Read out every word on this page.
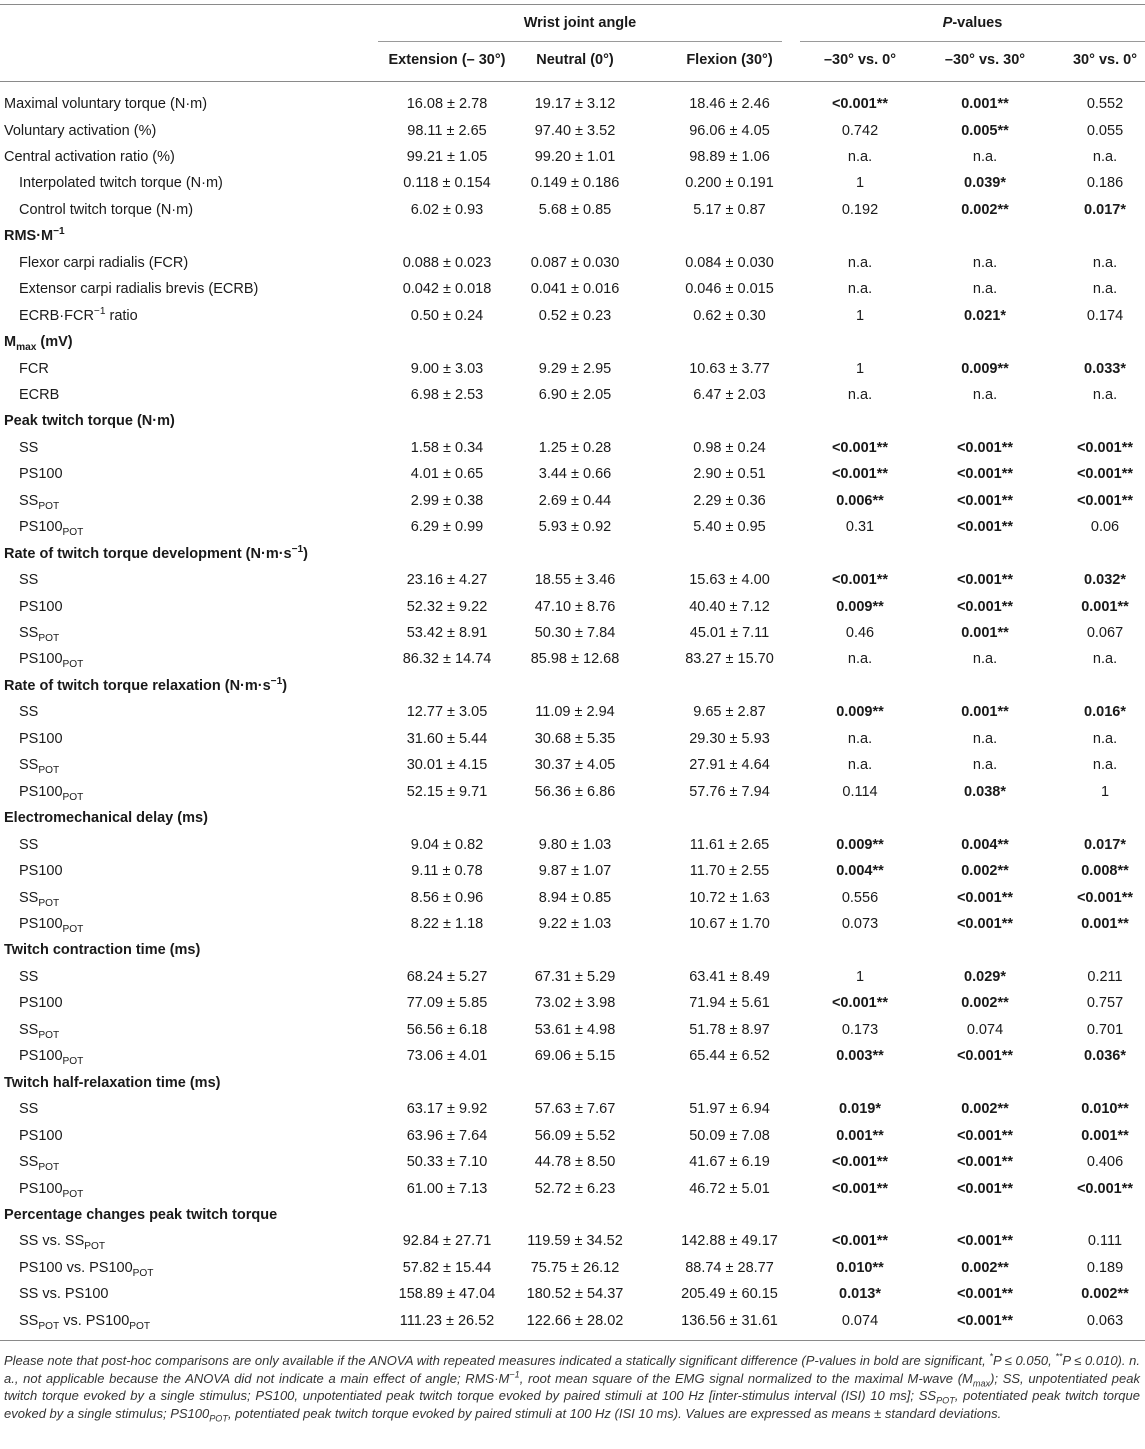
Wrist joint angle	P-values
Extension (– 30°)	Neutral (0°)	Flexion (30°)	–30° vs. 0°	–30° vs. 30°	30° vs. 0°
Maximal voluntary torque (N·m)	16.08 ± 2.78	19.17 ± 3.12	18.46 ± 2.46	<0.001**	0.001**	0.552
Voluntary activation (%)	98.11 ± 2.65	97.40 ± 3.52	96.06 ± 4.05	0.742	0.005**	0.055
Central activation ratio (%)	99.21 ± 1.05	99.20 ± 1.01	98.89 ± 1.06	n.a.	n.a.	n.a.
Interpolated twitch torque (N·m)	0.118 ± 0.154	0.149 ± 0.186	0.200 ± 0.191	1	0.039*	0.186
Control twitch torque (N·m)	6.02 ± 0.93	5.68 ± 0.85	5.17 ± 0.87	0.192	0.002**	0.017*
$RMS\cdot M^{-1}$
Flexor carpi radialis (FCR)	0.088 ± 0.023	0.087 ± 0.030	0.084 ± 0.030	n.a.	n.a.	n.a.
Extensor carpi radialis brevis (ECRB)	0.042 ± 0.018	0.041 ± 0.016	0.046 ± 0.015	n.a.	n.a.	n.a.
$ECRB\cdot FCR^{-1}$ ratio	0.50 ± 0.24	0.52 ± 0.23	0.62 ± 0.30	1	0.021*	0.174
$M_{max}$ (mV)
FCR	9.00 ± 3.03	9.29 ± 2.95	10.63 ± 3.77	1	0.009**	0.033*
ECRB	6.98 ± 2.53	6.90 ± 2.05	6.47 ± 2.03	n.a.	n.a.	n.a.
Peak twitch torque (N·m)
SS	1.58 ± 0.34	1.25 ± 0.28	0.98 ± 0.24	<0.001**	<0.001**	<0.001**
PS100	4.01 ± 0.65	3.44 ± 0.66	2.90 ± 0.51	<0.001**	<0.001**	<0.001**
$SS_{POT}$	2.99 ± 0.38	2.69 ± 0.44	2.29 ± 0.36	0.006**	<0.001**	<0.001**
$PS100_{POT}$	6.29 ± 0.99	5.93 ± 0.92	5.40 ± 0.95	0.31	<0.001**	0.06
Rate of twitch torque development $(N\cdot m\cdot s^{-1})$
SS	23.16 ± 4.27	18.55 ± 3.46	15.63 ± 4.00	<0.001**	<0.001**	0.032*
PS100	52.32 ± 9.22	47.10 ± 8.76	40.40 ± 7.12	0.009**	<0.001**	0.001**
$SS_{POT}$	53.42 ± 8.91	50.30 ± 7.84	45.01 ± 7.11	0.46	0.001**	0.067
$PS100_{POT}$	86.32 ± 14.74	85.98 ± 12.68	83.27 ± 15.70	n.a.	n.a.	n.a.
Rate of twitch torque relaxation $(N\cdot m\cdot s^{-1})$
SS	12.77 ± 3.05	11.09 ± 2.94	9.65 ± 2.87	0.009**	0.001**	0.016*
PS100	31.60 ± 5.44	30.68 ± 5.35	29.30 ± 5.93	n.a.	n.a.	n.a.
$SS_{POT}$	30.01 ± 4.15	30.37 ± 4.05	27.91 ± 4.64	n.a.	n.a.	n.a.
$PS100_{POT}$	52.15 ± 9.71	56.36 ± 6.86	57.76 ± 7.94	0.114	0.038*	1
Electromechanical delay (ms)
SS	9.04 ± 0.82	9.80 ± 1.03	11.61 ± 2.65	0.009**	0.004**	0.017*
PS100	9.11 ± 0.78	9.87 ± 1.07	11.70 ± 2.55	0.004**	0.002**	0.008**
$SS_{POT}$	8.56 ± 0.96	8.94 ± 0.85	10.72 ± 1.63	0.556	<0.001**	<0.001**
$PS100_{POT}$	8.22 ± 1.18	9.22 ± 1.03	10.67 ± 1.70	0.073	<0.001**	0.001**
Twitch contraction time (ms)
SS	68.24 ± 5.27	67.31 ± 5.29	63.41 ± 8.49	1	0.029*	0.211
PS100	77.09 ± 5.85	73.02 ± 3.98	71.94 ± 5.61	<0.001**	0.002**	0.757
$SS_{POT}$	56.56 ± 6.18	53.61 ± 4.98	51.78 ± 8.97	0.173	0.074	0.701
$PS100_{POT}$	73.06 ± 4.01	69.06 ± 5.15	65.44 ± 6.52	0.003**	<0.001**	0.036*
Twitch half-relaxation time (ms)
SS	63.17 ± 9.92	57.63 ± 7.67	51.97 ± 6.94	0.019*	0.002**	0.010**
PS100	63.96 ± 7.64	56.09 ± 5.52	50.09 ± 7.08	0.001**	<0.001**	0.001**
$SS_{POT}$	50.33 ± 7.10	44.78 ± 8.50	41.67 ± 6.19	<0.001**	<0.001**	0.406
$PS100_{POT}$	61.00 ± 7.13	52.72 ± 6.23	46.72 ± 5.01	<0.001**	<0.001**	<0.001**
Percentage changes peak twitch torque
SS vs. $SS_{POT}$	92.84 ± 27.71	119.59 ± 34.52	142.88 ± 49.17	<0.001**	<0.001**	0.111
PS100 vs. $PS100_{POT}$	57.82 ± 15.44	75.75 ± 26.12	88.74 ± 28.77	0.010**	0.002**	0.189
SS vs. PS100	158.89 ± 47.04	180.52 ± 54.37	205.49 ± 60.15	0.013*	<0.001**	0.002**
$SS_{POT}$ vs. $PS100_{POT}$	111.23 ± 26.52	122.66 ± 28.02	136.56 ± 31.61	0.074	<0.001**	0.063
Please note that post-hoc comparisons are only available if the ANOVA with repeated measures indicated a statically significant difference (P-values in bold are significant, *P ≤ 0.050, **P ≤ 0.010). n. a., not applicable because the ANOVA did not indicate a main effect of angle; $RMS\cdot M^{-1}$, root mean square of the EMG signal normalized to the maximal M-wave $(M_{max})$; SS, unpotentiated peak twitch torque evoked by a single stimulus; PS100, unpotentiated peak twitch torque evoked by paired stimuli at 100 Hz [inter-stimulus interval (ISI) 10 ms]; $SS_{POT}$, potentiated peak twitch torque evoked by a single stimulus; $PS100_{POT}$, potentiated peak twitch torque evoked by paired stimuli at 100 Hz (ISI 10 ms). Values are expressed as means ± standard deviations.
